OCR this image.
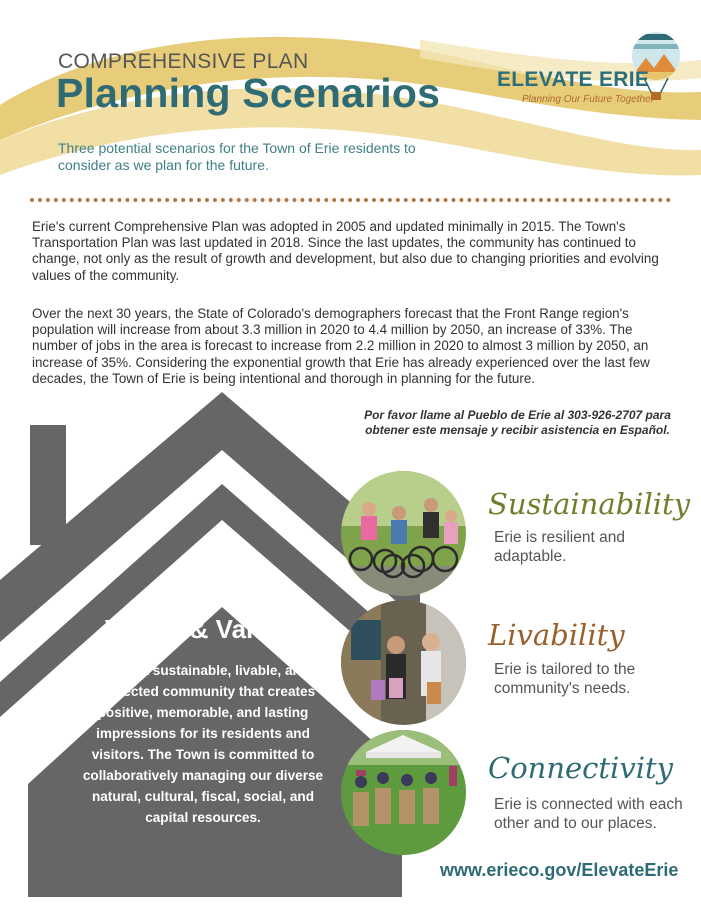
COMPREHENSIVE PLAN
Planning Scenarios
Three potential scenarios for the Town of Erie residents to consider as we plan for the future.
ELEVATE ERIE
Planning Our Future Together
Erie's current Comprehensive Plan was adopted in 2005 and updated minimally in 2015. The Town's Transportation Plan was last updated in 2018. Since the last updates, the community has continued to change, not only as the result of growth and development, but also due to changing priorities and evolving values of the community.
Over the next 30 years, the State of Colorado's demographers forecast that the Front Range region's population will increase from about 3.3 million in 2020 to 4.4 million by 2050, an increase of 33%. The number of jobs in the area is forecast to increase from 2.2 million in 2020 to almost 3 million by 2050, an increase of 35%. Considering the exponential growth that Erie has already experienced over the last few decades, the Town of Erie is being intentional and thorough in planning for the future.
Por favor llame al Pueblo de Erie al 303-926-2707 para obtener este mensaje y recibir asistencia en Español.
Vision & Values
Erie is a sustainable, livable, and connected community that creates positive, memorable, and lasting impressions for its residents and visitors. The Town is committed to collaboratively managing our diverse natural, cultural, fiscal, social, and capital resources.
Sustainability
Erie is resilient and adaptable.
Livability
Erie is tailored to the community's needs.
Connectivity
Erie is connected with each other and to our places.
www.erieco.gov/ElevateErie
